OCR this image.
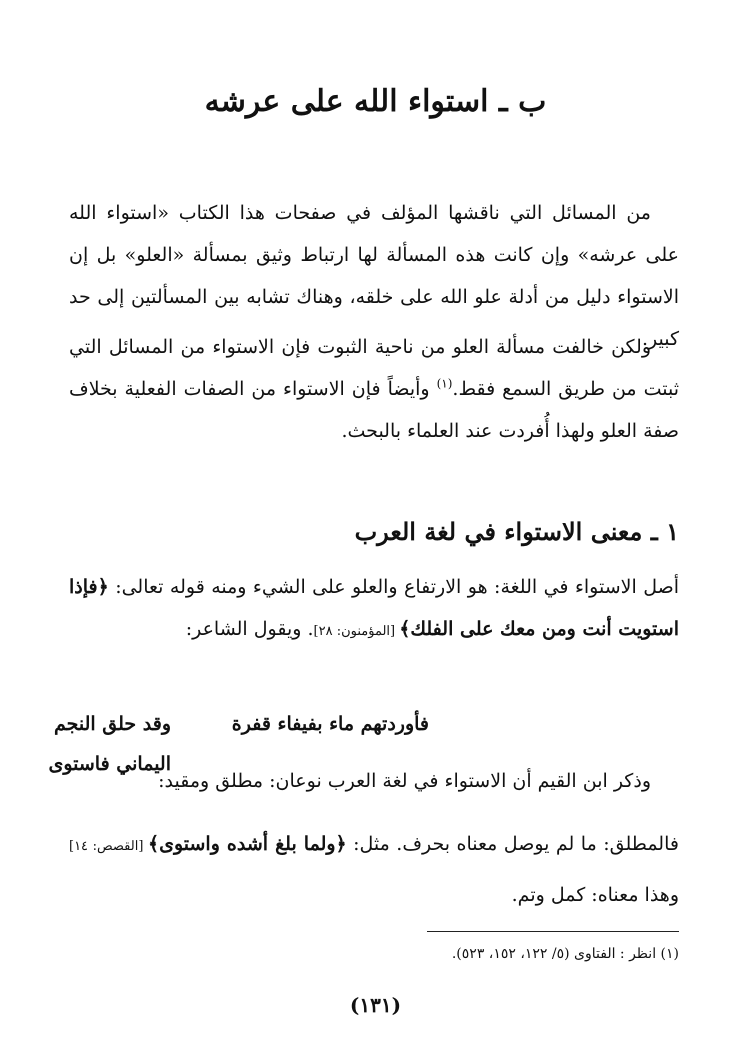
ب ـ استواء الله على عرشه
من المسائل التي ناقشها المؤلف في صفحات هذا الكتاب «استواء الله على عرشه» وإن كانت هذه المسألة لها ارتباط وثيق بمسألة «العلو» بل إن الاستواء دليل من أدلة علو الله على خلقه، وهناك تشابه بين المسألتين إلى حد كبير.
ولكن خالفت مسألة العلو من ناحية الثبوت فإن الاستواء من المسائل التي ثبتت من طريق السمع فقط.$^{(١)}$ وأيضاً فإن الاستواء من الصفات الفعلية بخلاف صفة العلو ولهذا أُفردت عند العلماء بالبحث.
١ ـ معنى الاستواء في لغة العرب
أصل الاستواء في اللغة: هو الارتفاع والعلو على الشيء ومنه قوله تعالى: ﴿فإذا استويت أنت ومن معك على الفلك﴾ [المؤمنون: ٢٨]. ويقول الشاعر:
فأوردتهم ماء بفيفاء قفرة
وقد حلق النجم اليماني فاستوى
وذكر ابن القيم أن الاستواء في لغة العرب نوعان: مطلق ومقيد:
فالمطلق: ما لم يوصل معناه بحرف. مثل: ﴿ولما بلغ أشده واستوى﴾ [القصص: ١٤] وهذا معناه: كمل وتم.
(١) انظر : الفتاوى (٥/ ١٢٢، ١٥٢، ٥٢٣).
(١٣١)
